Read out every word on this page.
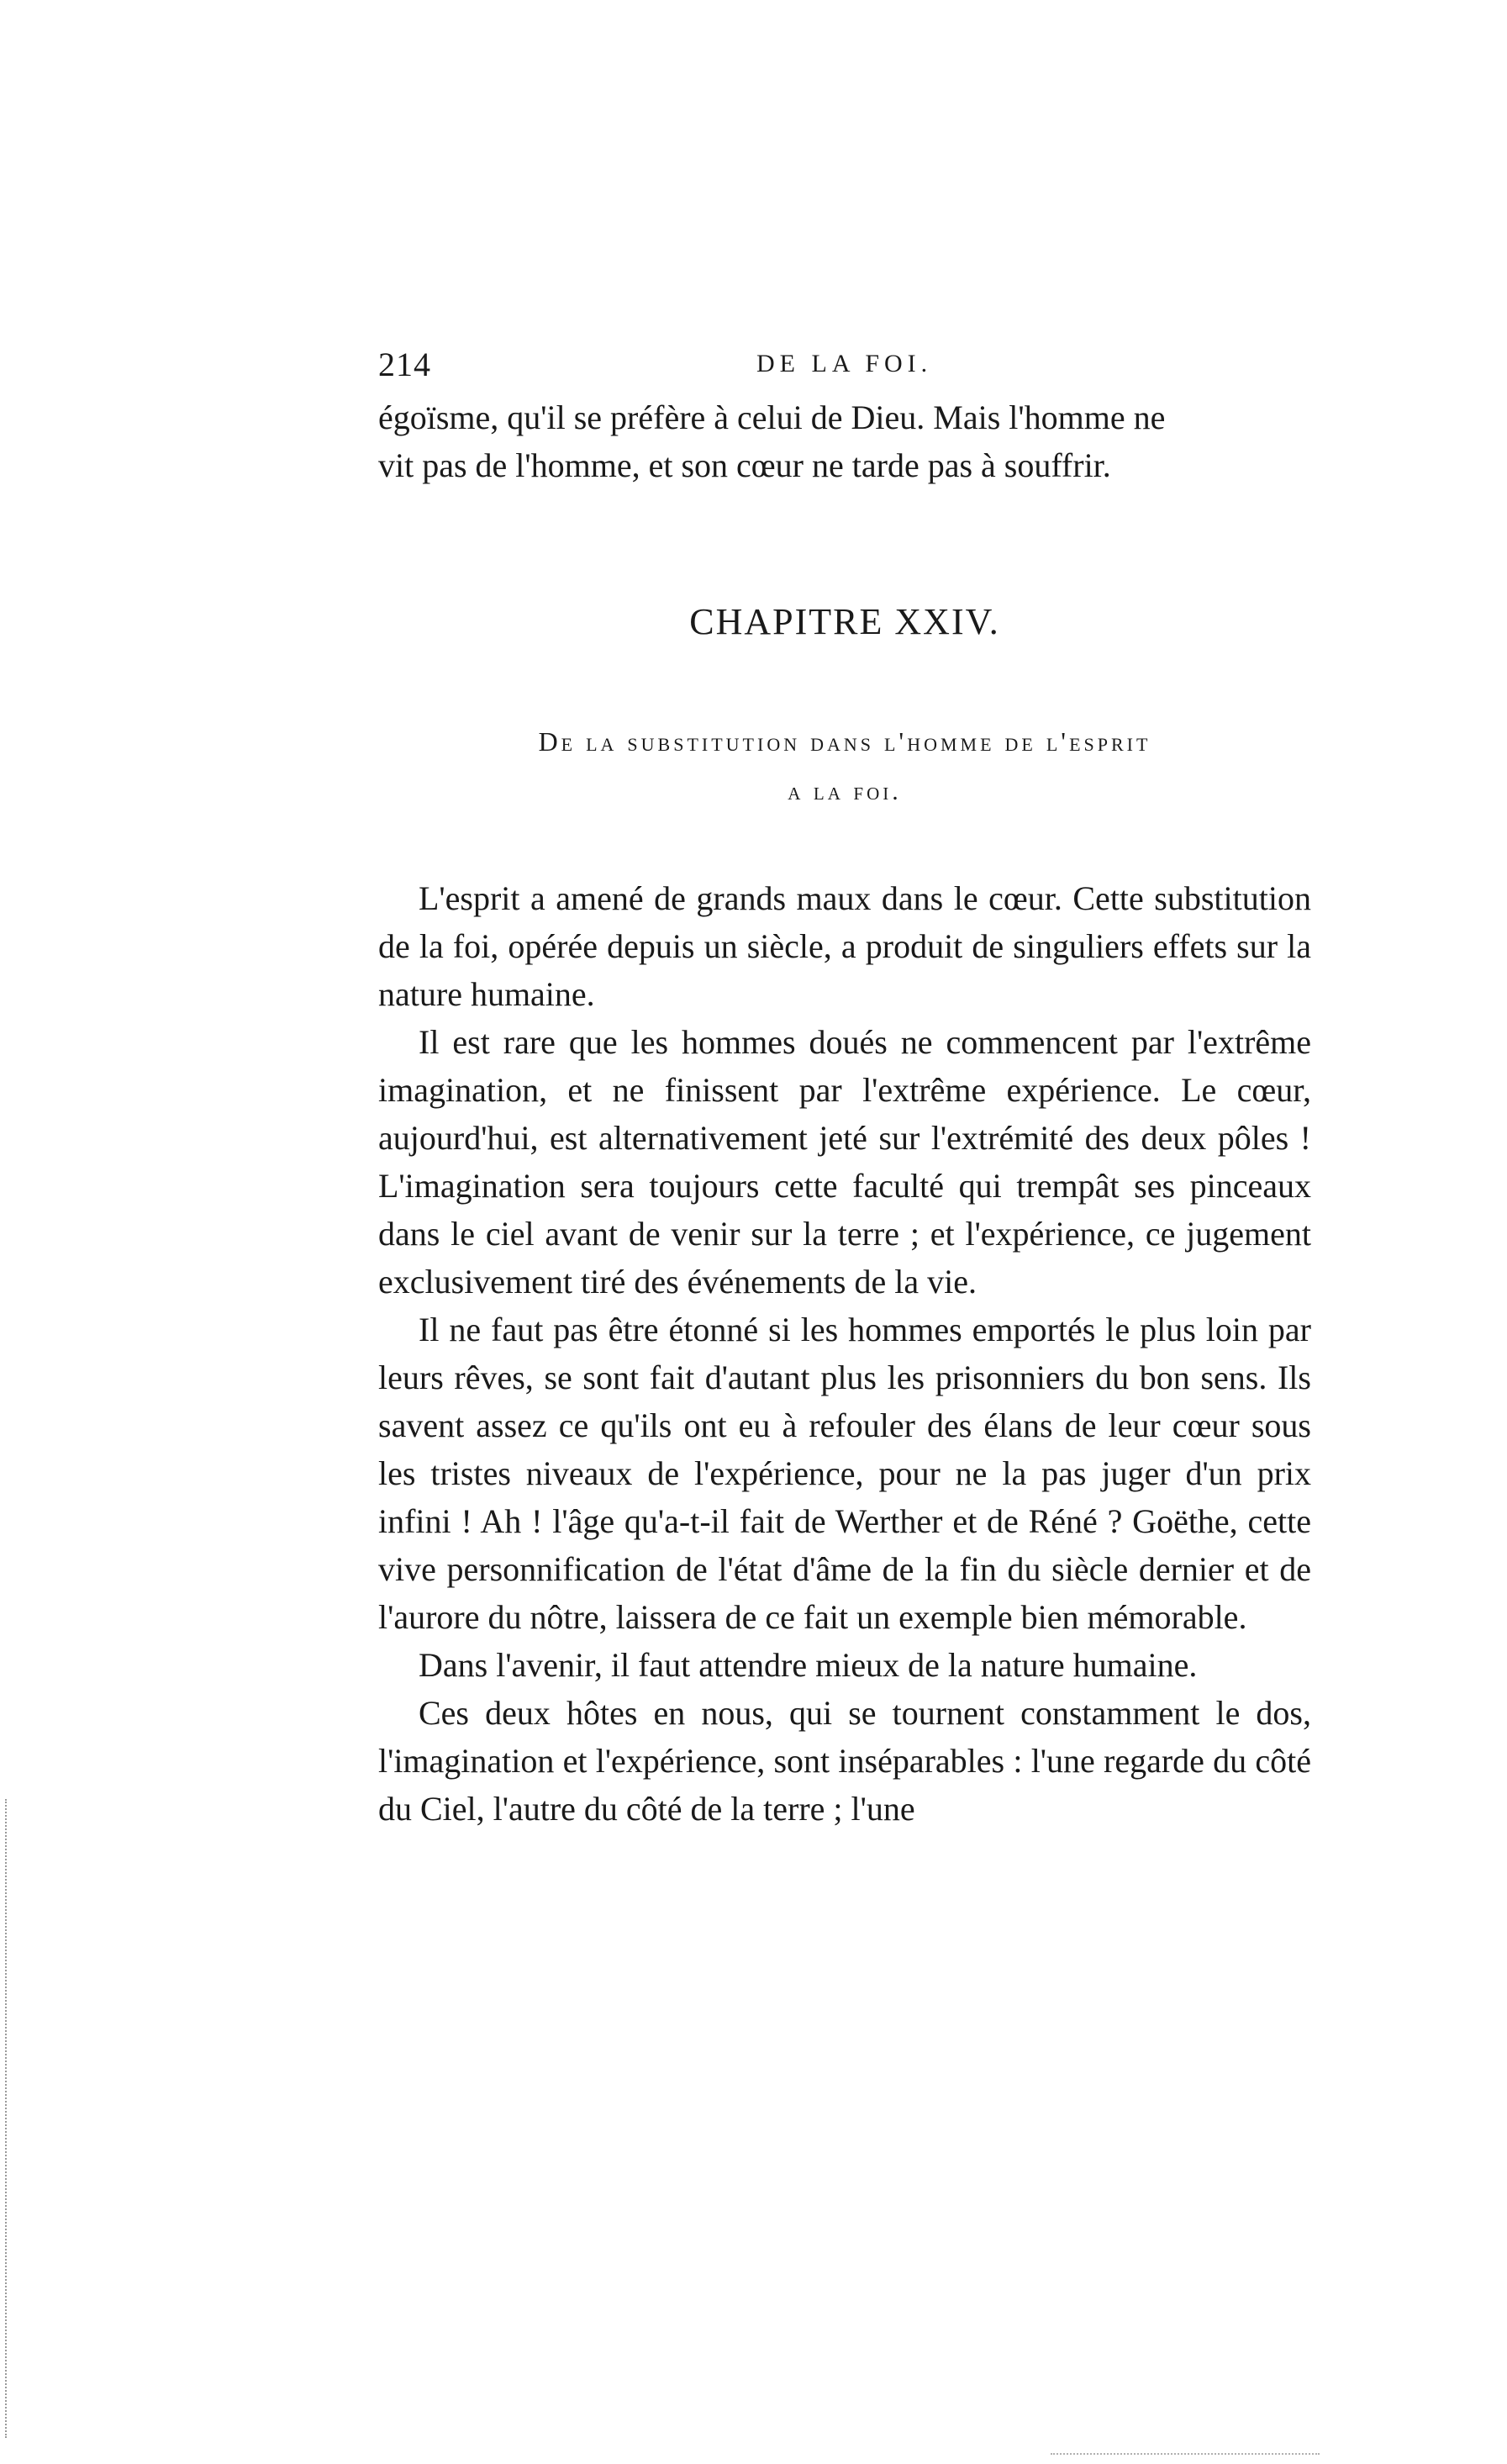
214	DE LA FOI.

égoïsme, qu'il se préfère à celui de Dieu. Mais l'homme ne

vit pas de l'homme, et son cœur ne tarde pas à souffrir.

CHAPITRE XXIV.
De la substitution dans l'homme de l'esprit
a la foi.

L'esprit a amené de grands maux dans le cœur. Cette substitution de la foi, opérée depuis un siècle, a produit de singuliers effets sur la nature humaine.

Il est rare que les hommes doués ne commencent par l'extrême imagination, et ne finissent par l'extrême expérience. Le cœur, aujourd'hui, est alternativement jeté sur l'extrémité des deux pôles ! L'imagination sera toujours cette faculté qui trempât ses pinceaux dans le ciel avant de venir sur la terre ; et l'expérience, ce jugement exclusivement tiré des événements de la vie.

Il ne faut pas être étonné si les hommes emportés le plus loin par leurs rêves, se sont fait d'autant plus les prisonniers du bon sens. Ils savent assez ce qu'ils ont eu à refouler des élans de leur cœur sous les tristes niveaux de l'expérience, pour ne la pas juger d'un prix infini ! Ah ! l'âge qu'a-t-il fait de Werther et de Réné ? Goëthe, cette vive personnification de l'état d'âme de la fin du siècle dernier et de l'aurore du nôtre, laissera de ce fait un exemple bien mémorable.

Dans l'avenir, il faut attendre mieux de la nature humaine.

Ces deux hôtes en nous, qui se tournent constamment le dos, l'imagination et l'expérience, sont inséparables : l'une regarde du côté du Ciel, l'autre du côté de la terre ; l'une
